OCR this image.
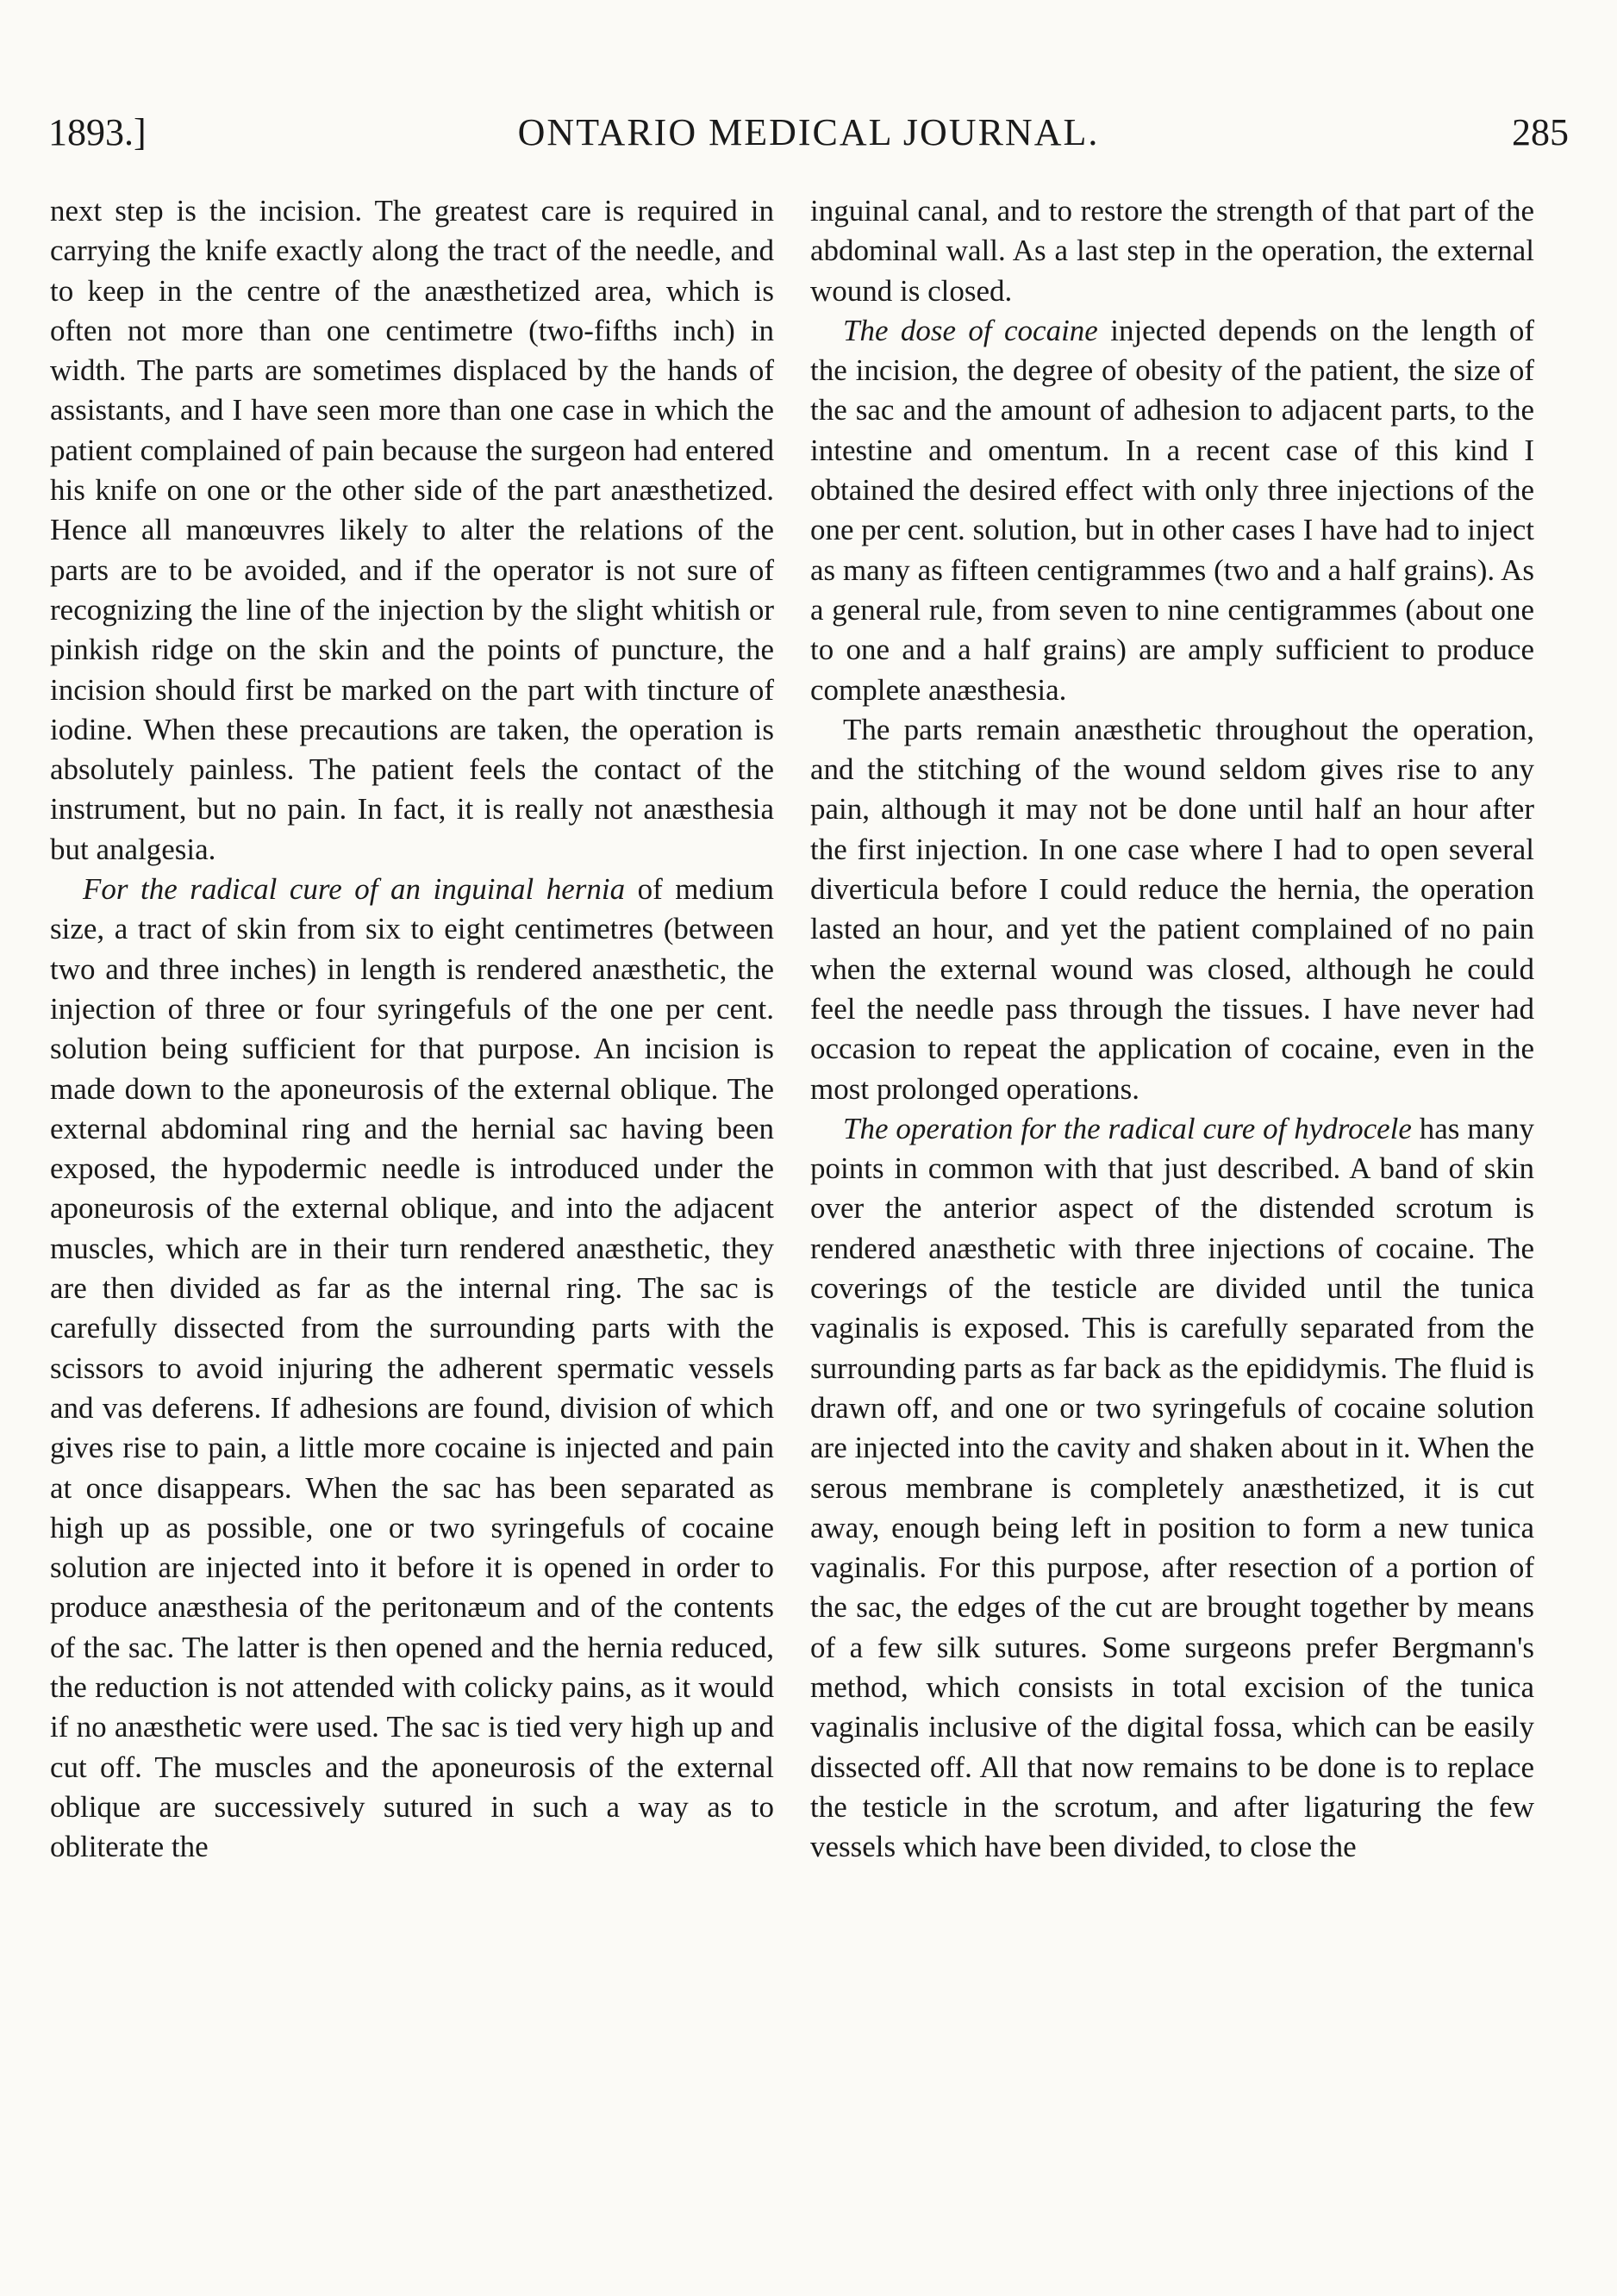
1893.]	ONTARIO MEDICAL JOURNAL.	285

next step is the incision. The greatest care is required in carrying the knife exactly along the tract of the needle, and to keep in the centre of the anæsthetized area, which is often not more than one centimetre (two-fifths inch) in width. The parts are sometimes displaced by the hands of assistants, and I have seen more than one case in which the patient complained of pain because the surgeon had entered his knife on one or the other side of the part anæsthetized. Hence all manœuvres likely to alter the relations of the parts are to be avoided, and if the operator is not sure of recognizing the line of the injection by the slight whitish or pinkish ridge on the skin and the points of puncture, the incision should first be marked on the part with tincture of iodine. When these precautions are taken, the operation is absolutely painless. The patient feels the contact of the instrument, but no pain. In fact, it is really not anæsthesia but analgesia.

For the radical cure of an inguinal hernia of medium size, a tract of skin from six to eight centimetres (between two and three inches) in length is rendered anæsthetic, the injection of three or four syringefuls of the one per cent. solution being sufficient for that purpose. An incision is made down to the aponeurosis of the external oblique. The external abdominal ring and the hernial sac having been exposed, the hypodermic needle is introduced under the aponeurosis of the external oblique, and into the adjacent muscles, which are in their turn rendered anæsthetic, they are then divided as far as the internal ring. The sac is carefully dissected from the surrounding parts with the scissors to avoid injuring the adherent spermatic vessels and vas deferens. If adhesions are found, division of which gives rise to pain, a little more cocaine is injected and pain at once disappears. When the sac has been separated as high up as possible, one or two syringefuls of cocaine solution are injected into it before it is opened in order to produce anæsthesia of the peritonæum and of the contents of the sac. The latter is then opened and the hernia reduced, the reduction is not attended with colicky pains, as it would if no anæsthetic were used. The sac is tied very high up and cut off. The muscles and the aponeurosis of the external oblique are successively sutured in such a way as to obliterate the

inguinal canal, and to restore the strength of that part of the abdominal wall. As a last step in the operation, the external wound is closed.

The dose of cocaine injected depends on the length of the incision, the degree of obesity of the patient, the size of the sac and the amount of adhesion to adjacent parts, to the intestine and omentum. In a recent case of this kind I obtained the desired effect with only three injections of the one per cent. solution, but in other cases I have had to inject as many as fifteen centigrammes (two and a half grains). As a general rule, from seven to nine centigrammes (about one to one and a half grains) are amply sufficient to produce complete anæsthesia.

The parts remain anæsthetic throughout the operation, and the stitching of the wound seldom gives rise to any pain, although it may not be done until half an hour after the first injection. In one case where I had to open several diverticula before I could reduce the hernia, the operation lasted an hour, and yet the patient complained of no pain when the external wound was closed, although he could feel the needle pass through the tissues. I have never had occasion to repeat the application of cocaine, even in the most prolonged operations.

The operation for the radical cure of hydrocele has many points in common with that just described. A band of skin over the anterior aspect of the distended scrotum is rendered anæsthetic with three injections of cocaine. The coverings of the testicle are divided until the tunica vaginalis is exposed. This is carefully separated from the surrounding parts as far back as the epididymis. The fluid is drawn off, and one or two syringefuls of cocaine solution are injected into the cavity and shaken about in it. When the serous membrane is completely anæsthetized, it is cut away, enough being left in position to form a new tunica vaginalis. For this purpose, after resection of a portion of the sac, the edges of the cut are brought together by means of a few silk sutures. Some surgeons prefer Bergmann's method, which consists in total excision of the tunica vaginalis inclusive of the digital fossa, which can be easily dissected off. All that now remains to be done is to replace the testicle in the scrotum, and after ligaturing the few vessels which have been divided, to close the
